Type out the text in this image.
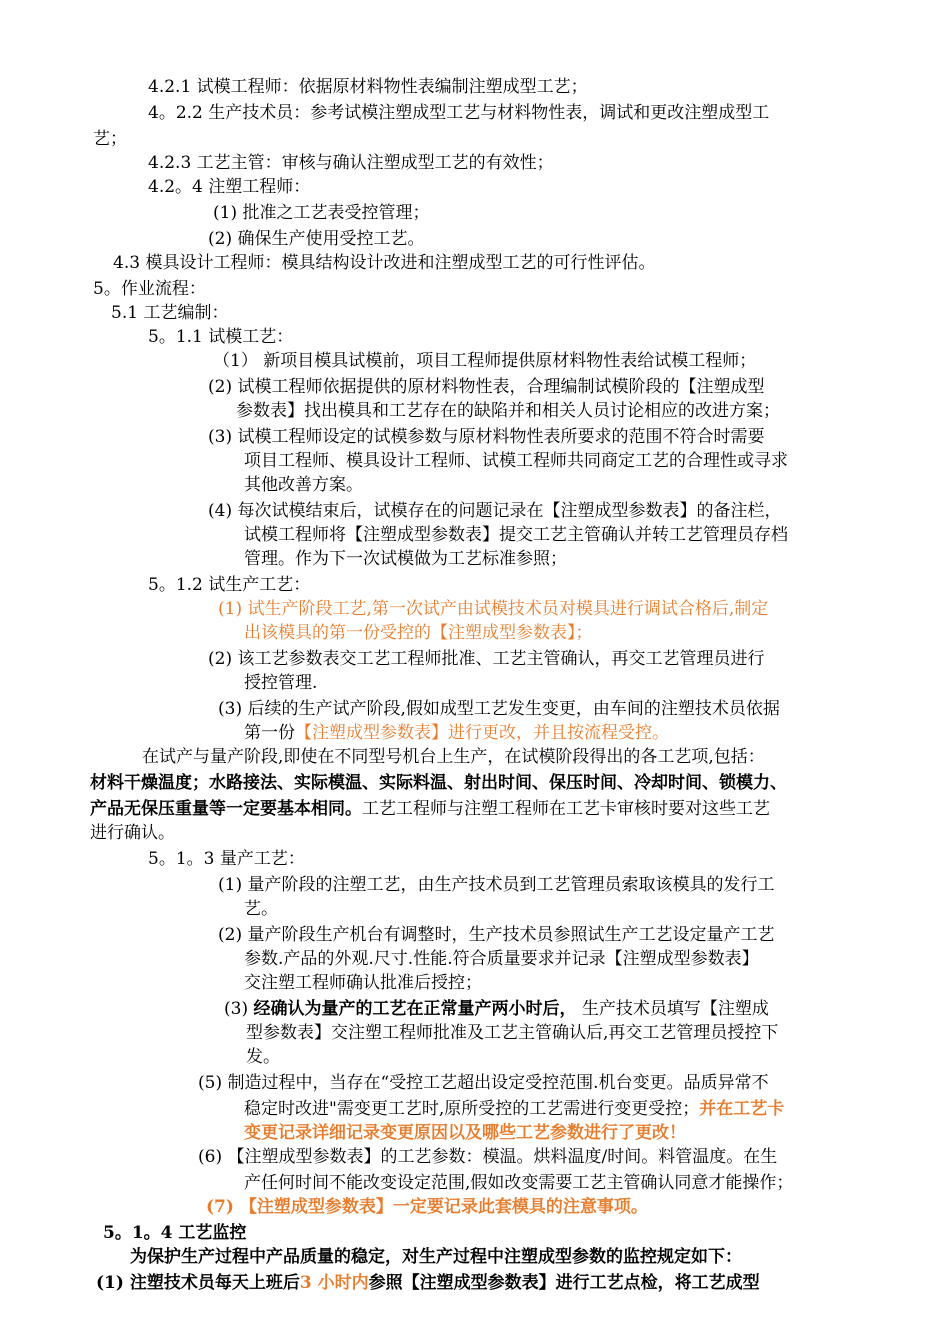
4.2.1 试模工程师：依据原材料物性表编制注塑成型工艺；
4。2.2 生产技术员：参考试模注塑成型工艺与材料物性表，调试和更改注塑成型工
艺；
4.2.3 工艺主管：审核与确认注塑成型工艺的有效性；
4.2。4 注塑工程师：
(1) 批准之工艺表受控管理；
(2) 确保生产使用受控工艺。
4.3 模具设计工程师：模具结构设计改进和注塑成型工艺的可行性评估。
5。作业流程：
5.1 工艺编制：
5。1.1 试模工艺：
（1） 新项目模具试模前，项目工程师提供原材料物性表给试模工程师；
(2) 试模工程师依据提供的原材料物性表，合理编制试模阶段的【注塑成型
参数表】找出模具和工艺存在的缺陷并和相关人员讨论相应的改进方案；
(3) 试模工程师设定的试模参数与原材料物性表所要求的范围不符合时需要
项目工程师、模具设计工程师、试模工程师共同商定工艺的合理性或寻求
其他改善方案。
(4) 每次试模结束后，试模存在的问题记录在【注塑成型参数表】的备注栏，
试模工程师将【注塑成型参数表】提交工艺主管确认并转工艺管理员存档
管理。作为下一次试模做为工艺标准参照；
5。1.2 试生产工艺：
(1) 试生产阶段工艺,第一次试产由试模技术员对模具进行调试合格后,制定
出该模具的第一份受控的【注塑成型参数表】；
(2) 该工艺参数表交工艺工程师批准、工艺主管确认，再交工艺管理员进行
授控管理.
(3) 后续的生产试产阶段,假如成型工艺发生变更，由车间的注塑技术员依据
第一份【注塑成型参数表】进行更改，并且按流程受控。
在试产与量产阶段,即使在不同型号机台上生产，在试模阶段得出的各工艺项,包括：
材料干燥温度；水路接法、实际模温、实际料温、射出时间、保压时间、冷却时间、锁模力、
产品无保压重量等一定要基本相同。工艺工程师与注塑工程师在工艺卡审核时要对这些工艺
进行确认。
5。1。3 量产工艺：
(1) 量产阶段的注塑工艺，由生产技术员到工艺管理员索取该模具的发行工
艺。
(2) 量产阶段生产机台有调整时，生产技术员参照试生产工艺设定量产工艺
参数.产品的外观.尺寸.性能.符合质量要求并记录【注塑成型参数表】
交注塑工程师确认批准后授控；
(3) 经确认为量产的工艺在正常量产两小时后， 生产技术员填写【注塑成
型参数表】交注塑工程师批准及工艺主管确认后,再交工艺管理员授控下
发。
(5) 制造过程中，当存在“受控工艺超出设定受控范围.机台变更。品质异常不
稳定时改进"需变更工艺时,原所受控的工艺需进行变更受控；并在工艺卡
变更记录详细记录变更原因以及哪些工艺参数进行了更改！
(6) 【注塑成型参数表】的工艺参数：模温。烘料温度/时间。料管温度。在生
产任何时间不能改变设定范围,假如改变需要工艺主管确认同意才能操作；
(7) 【注塑成型参数表】一定要记录此套模具的注意事项。
5。1。4 工艺监控
为保护生产过程中产品质量的稳定，对生产过程中注塑成型参数的监控规定如下：
(1) 注塑技术员每天上班后3 小时内参照【注塑成型参数表】进行工艺点检，将工艺成型
